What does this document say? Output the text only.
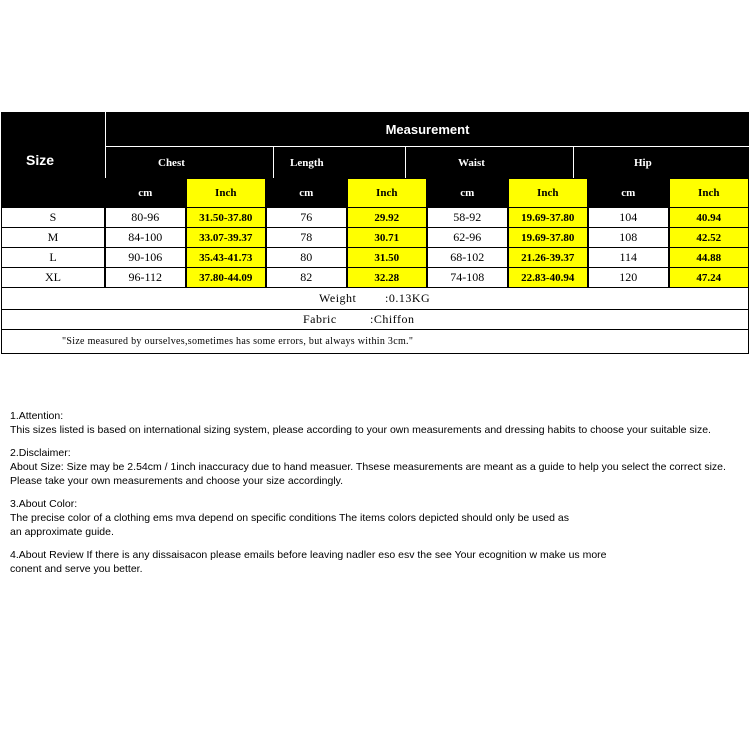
Size
Measurement
Chest	Length	Waist	Hip
cm	Inch	cm	Inch	cm	Inch	cm	Inch
S	80-96	31.50-37.80	76	29.92	58-92	19.69-37.80	104	40.94
M	84-100	33.07-39.37	78	30.71	62-96	19.69-37.80	108	42.52
L	90-106	35.43-41.73	80	31.50	68-102	21.26-39.37	114	44.88
XL	96-112	37.80-44.09	82	32.28	74-108	22.83-40.94	120	47.24
Weight :0.13KG
Fabric	:Chiffon
"Size measured by ourselves,sometimes has some errors, but always within 3cm."

1.Attention:

This sizes listed is based on international sizing system, please according to your own measurements and dressing habits to choose your suitable size.

2.Disclaimer:

About Size: Size may be 2.54cm / 1inch inaccuracy due to hand measuer. Thsese measurements are meant as a guide to help you select the correct size.

Please take your own measurements and choose your size accordingly.

3.About Color:

The precise color of a clothing ems mva depend on specific conditions The items colors depicted should only be used as

an approximate guide.

4.About Review If there is any dissaisacon please emails before leaving nadler eso esv the see Your ecognition w make us more

conent and serve you better.
